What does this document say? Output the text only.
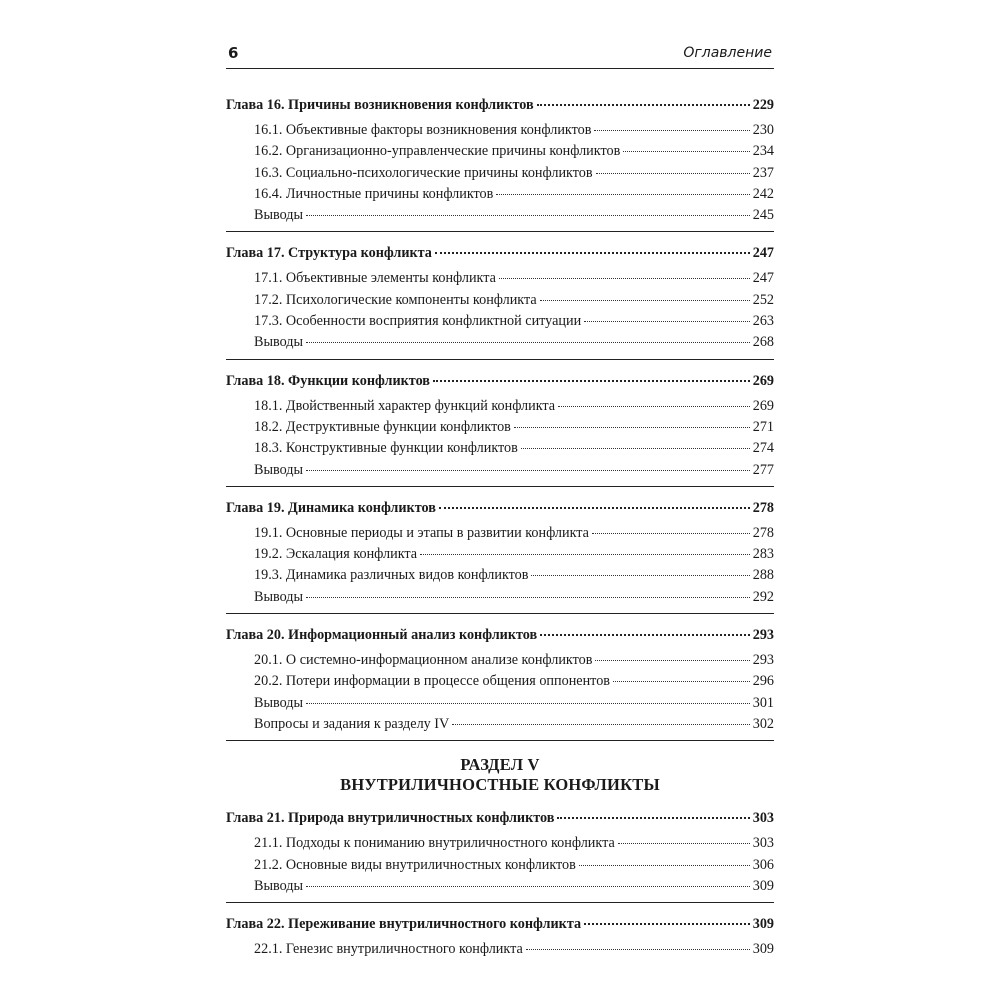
6	Оглавление
Глава 16. Причины возникновения конфликтов	229
16.1. Объективные факторы возникновения конфликтов	230
16.2. Организационно-управленческие причины конфликтов	234
16.3. Социально-психологические причины конфликтов	237
16.4. Личностные причины конфликтов	242
Выводы	245
Глава 17. Структура конфликта	247
17.1. Объективные элементы конфликта	247
17.2. Психологические компоненты конфликта	252
17.3. Особенности восприятия конфликтной ситуации	263
Выводы	268
Глава 18. Функции конфликтов	269
18.1. Двойственный характер функций конфликта	269
18.2. Деструктивные функции конфликтов	271
18.3. Конструктивные функции конфликтов	274
Выводы	277
Глава 19. Динамика конфликтов	278
19.1. Основные периоды и этапы в развитии конфликта	278
19.2. Эскалация конфликта	283
19.3. Динамика различных видов конфликтов	288
Выводы	292
Глава 20. Информационный анализ конфликтов	293
20.1. О системно-информационном анализе конфликтов	293
20.2. Потери информации в процессе общения оппонентов	296
Выводы	301
Вопросы и задания к разделу IV	302
РАЗДЕЛ V
ВНУТРИЛИЧНОСТНЫЕ КОНФЛИКТЫ
Глава 21. Природа внутриличностных конфликтов	303
21.1. Подходы к пониманию внутриличностного конфликта	303
21.2. Основные виды внутриличностных конфликтов	306
Выводы	309
Глава 22. Переживание внутриличностного конфликта	309
22.1. Генезис внутриличностного конфликта	309
